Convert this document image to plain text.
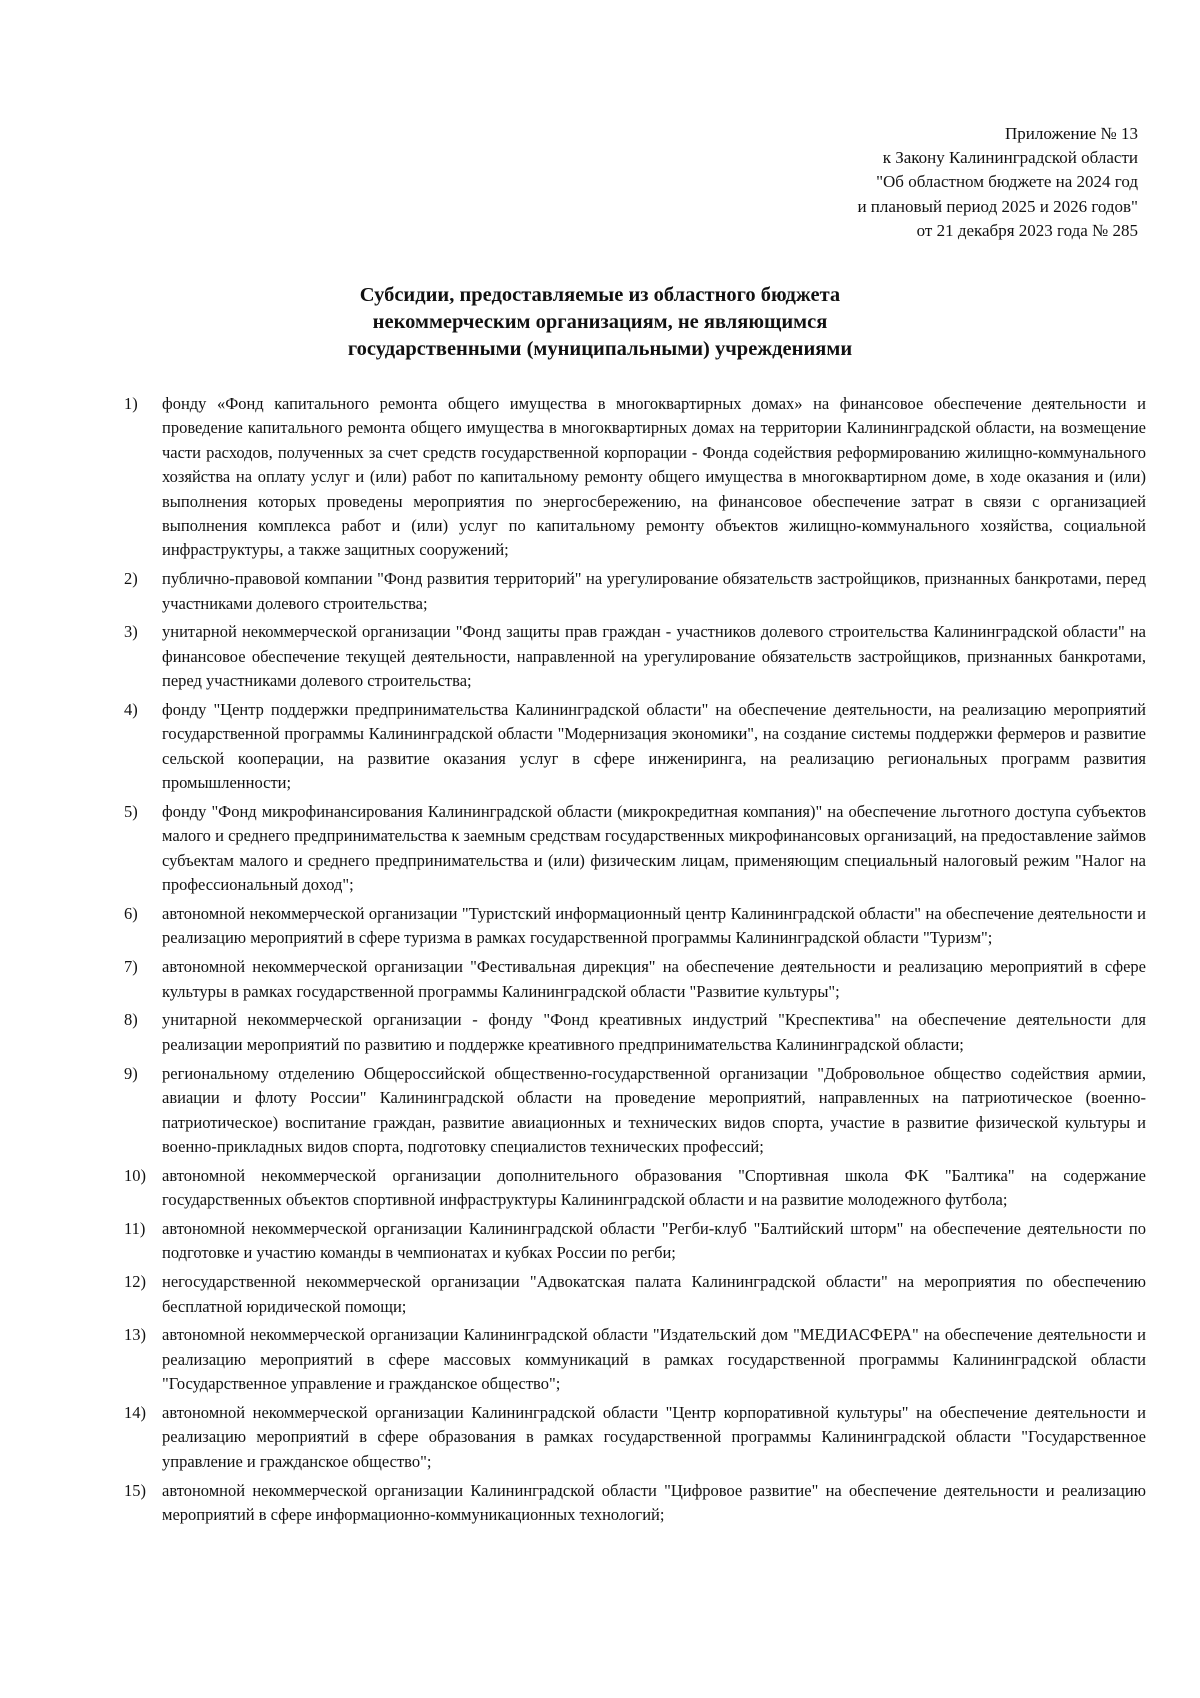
Приложение № 13
к Закону Калининградской области
"Об областном бюджете на 2024 год
и плановый период 2025 и 2026 годов"
от 21 декабря 2023 года № 285
Субсидии, предоставляемые из областного бюджета
некоммерческим организациям, не являющимся
государственными (муниципальными) учреждениями
1)	фонду «Фонд капитального ремонта общего имущества в многоквартирных домах» на финансовое обеспечение деятельности и проведение капитального ремонта общего имущества в многоквартирных домах на территории Калининградской области, на возмещение части расходов, полученных за счет средств государственной корпорации - Фонда содействия реформированию жилищно-коммунального хозяйства на оплату услуг и (или) работ по капитальному ремонту общего имущества в многоквартирном доме, в ходе оказания и (или) выполнения которых проведены мероприятия по энергосбережению, на финансовое обеспечение затрат в связи с организацией выполнения комплекса работ и (или) услуг по капитальному ремонту объектов жилищно-коммунального хозяйства, социальной инфраструктуры, а также защитных сооружений;
2)	публично-правовой компании "Фонд развития территорий" на урегулирование обязательств застройщиков, признанных банкротами, перед участниками долевого строительства;
3)	унитарной некоммерческой организации "Фонд защиты прав граждан - участников долевого строительства Калининградской области" на финансовое обеспечение текущей деятельности, направленной на урегулирование обязательств застройщиков, признанных банкротами, перед участниками долевого строительства;
4)	фонду "Центр поддержки предпринимательства Калининградской области" на обеспечение деятельности, на реализацию мероприятий государственной программы Калининградской области "Модернизация экономики", на создание системы поддержки фермеров и развитие сельской кооперации, на развитие оказания услуг в сфере инжениринга, на реализацию региональных программ развития промышленности;
5)	фонду "Фонд микрофинансирования Калининградской области (микрокредитная компания)" на обеспечение льготного доступа субъектов малого и среднего предпринимательства к заемным средствам государственных микрофинансовых организаций, на предоставление займов субъектам малого и среднего предпринимательства и (или) физическим лицам, применяющим специальный налоговый режим "Налог на профессиональный доход";
6)	автономной некоммерческой организации "Туристский информационный центр Калининградской области" на обеспечение деятельности и реализацию мероприятий в сфере туризма в рамках государственной программы Калининградской области "Туризм";
7)	автономной некоммерческой организации "Фестивальная дирекция" на обеспечение деятельности и реализацию мероприятий в сфере культуры в рамках государственной программы Калининградской области "Развитие культуры";
8)	унитарной некоммерческой организации - фонду "Фонд креативных индустрий "Креспектива" на обеспечение деятельности для реализации мероприятий по развитию и поддержке креативного предпринимательства Калининградской области;
9)	региональному отделению Общероссийской общественно-государственной организации "Добровольное общество содействия армии, авиации и флоту России" Калининградской области на проведение мероприятий, направленных на патриотическое (военно-патриотическое) воспитание граждан, развитие авиационных и технических видов спорта, участие в развитие физической культуры и военно-прикладных видов спорта, подготовку специалистов технических профессий;
10) автономной некоммерческой организации дополнительного образования "Спортивная школа ФК "Балтика" на содержание государственных объектов спортивной инфраструктуры Калининградской области и на развитие молодежного футбола;
11)	автономной некоммерческой организации Калининградской области "Регби-клуб "Балтийский шторм" на обеспечение деятельности по подготовке и участию команды в чемпионатах и кубках России по регби;
12) негосударственной некоммерческой организации "Адвокатская палата Калининградской области" на мероприятия по обеспечению бесплатной юридической помощи;
13) автономной некоммерческой организации Калининградской области "Издательский дом "МЕДИАСФЕРА" на обеспечение деятельности и реализацию мероприятий в сфере массовых коммуникаций в рамках государственной программы Калининградской области "Государственное управление и гражданское общество";
14) автономной некоммерческой организации Калининградской области "Центр корпоративной культуры" на обеспечение деятельности и реализацию мероприятий в сфере образования в рамках государственной программы Калининградской области "Государственное управление и гражданское общество";
15) автономной некоммерческой организации Калининградской области "Цифровое развитие" на обеспечение деятельности и реализацию мероприятий в сфере информационно-коммуникационных технологий;
